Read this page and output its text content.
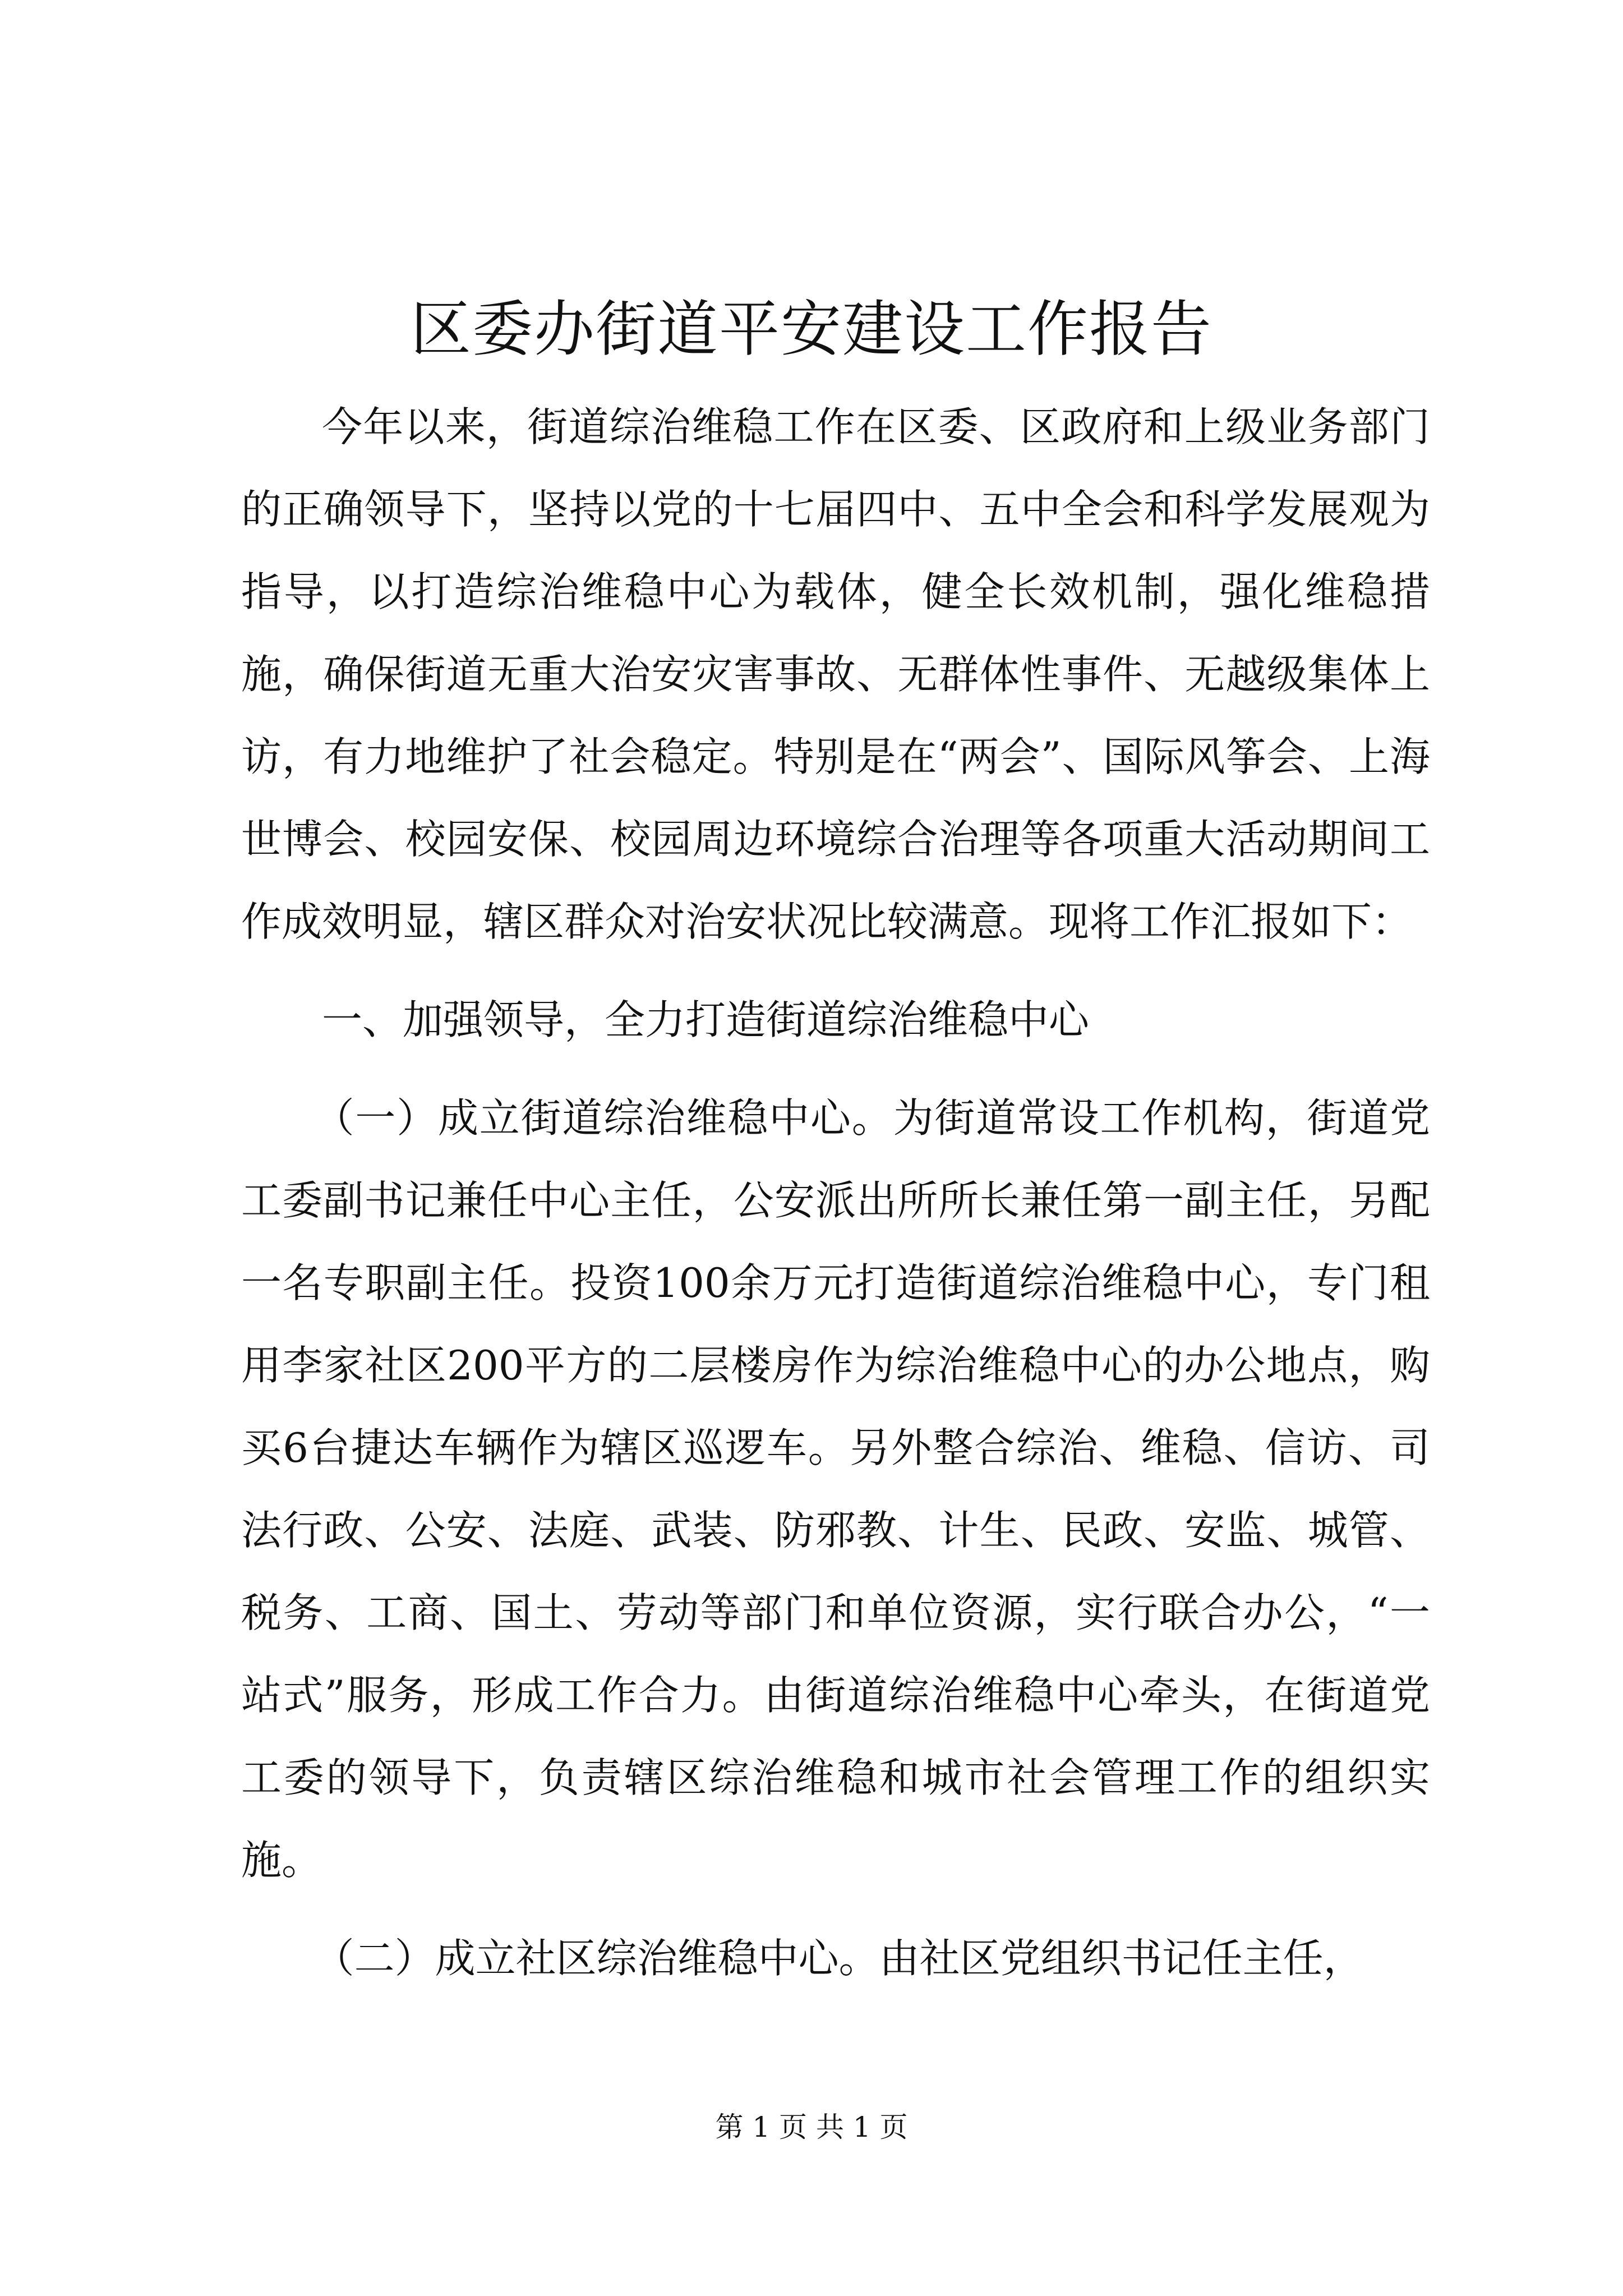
区委办街道平安建设工作报告

今年以来，街道综治维稳工作在区委、区政府和上级业务部门的正确领导下，坚持以党的十七届四中、五中全会和科学发展观为指导，以打造综治维稳中心为载体，健全长效机制，强化维稳措施，确保街道无重大治安灾害事故、无群体性事件、无越级集体上访，有力地维护了社会稳定。特别是在“两会”、国际风筝会、上海世博会、校园安保、校园周边环境综合治理等各项重大活动期间工作成效明显，辖区群众对治安状况比较满意。现将工作汇报如下：

一、加强领导，全力打造街道综治维稳中心

（一）成立街道综治维稳中心。为街道常设工作机构，街道党工委副书记兼任中心主任，公安派出所所长兼任第一副主任，另配一名专职副主任。投资100余万元打造街道综治维稳中心，专门租用李家社区200平方的二层楼房作为综治维稳中心的办公地点，购买6台捷达车辆作为辖区巡逻车。另外整合综治、维稳、信访、司法行政、公安、法庭、武装、防邪教、计生、民政、安监、城管、税务、工商、国土、劳动等部门和单位资源，实行联合办公，“一站式”服务，形成工作合力。由街道综治维稳中心牵头，在街道党工委的领导下，负责辖区综治维稳和城市社会管理工作的组织实施。

（二）成立社区综治维稳中心。由社区党组织书记任主任，

第 1 页 共 1 页
